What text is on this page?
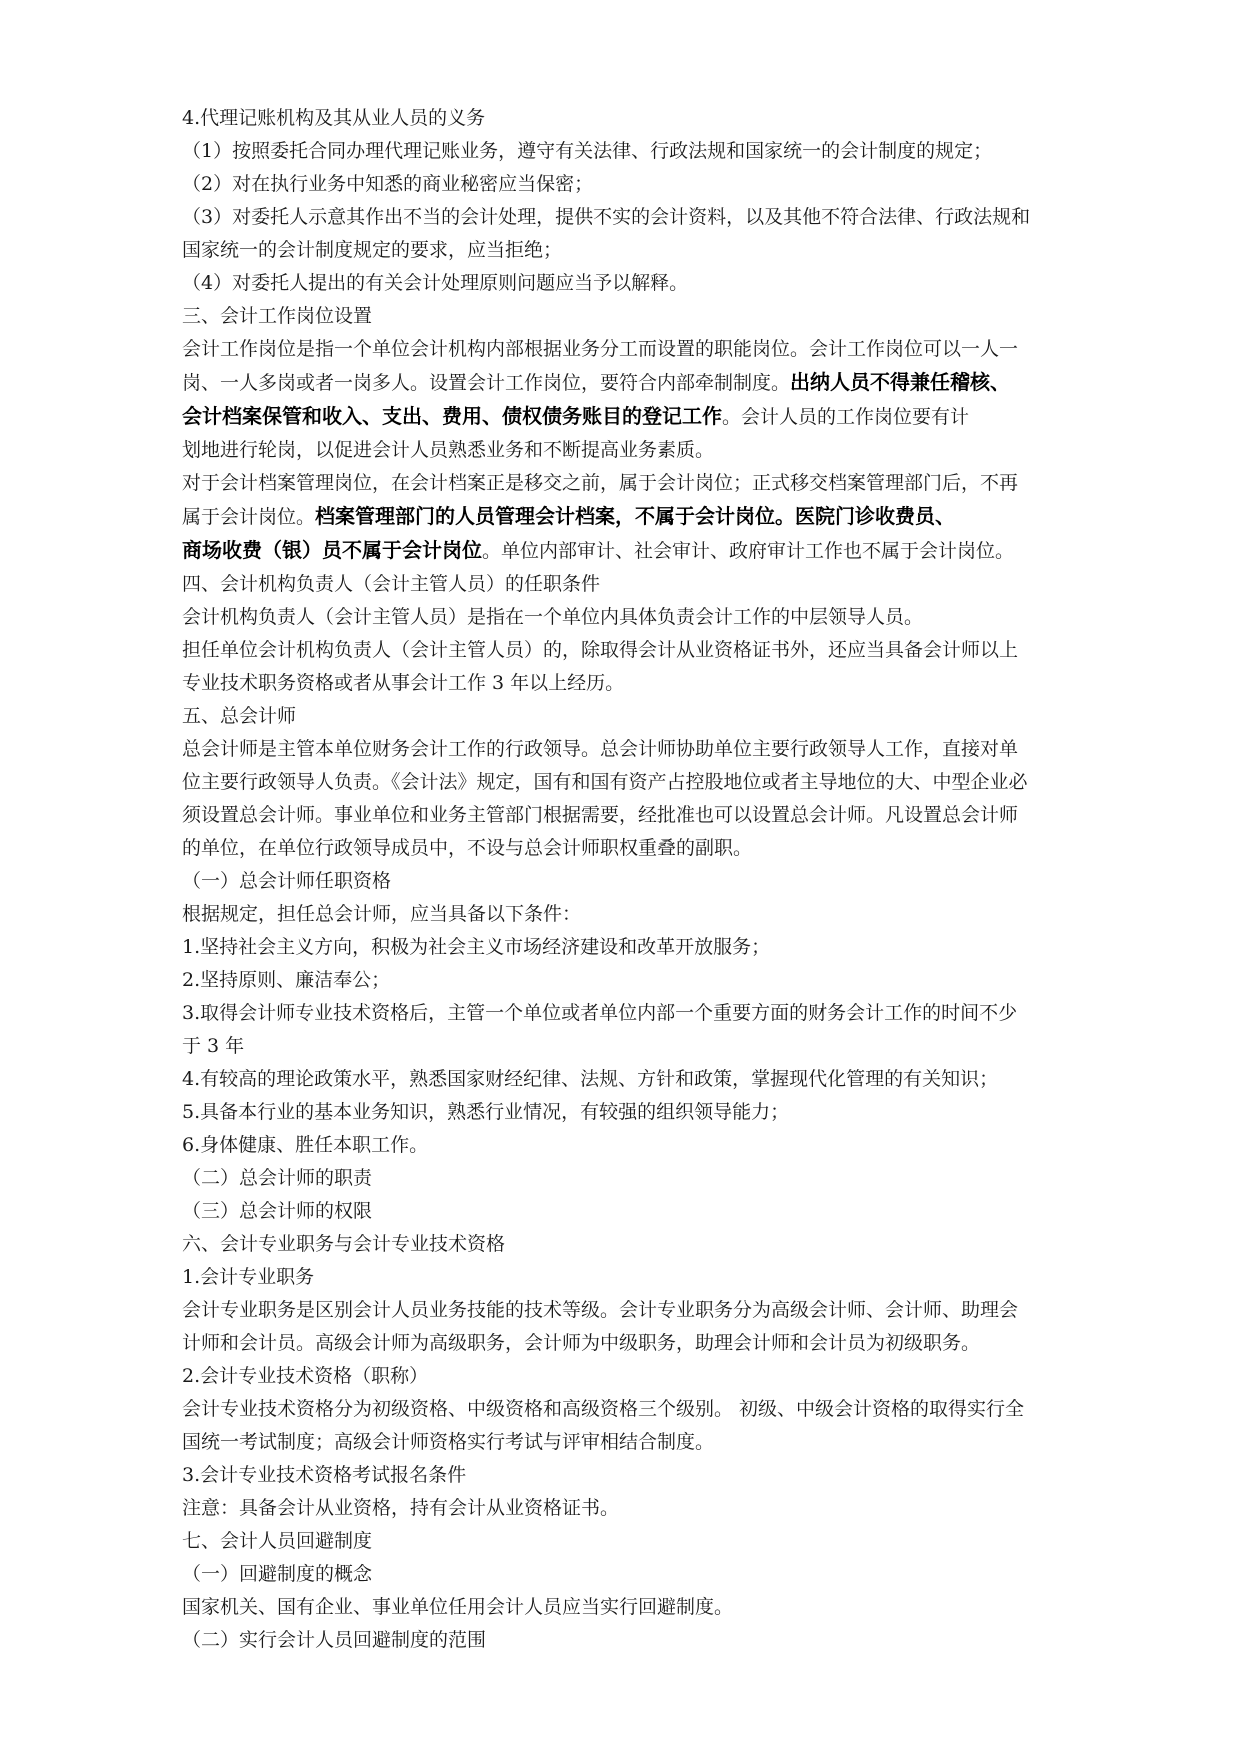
4.代理记账机构及其从业人员的义务

（1）按照委托合同办理代理记账业务，遵守有关法律、行政法规和国家统一的会计制度的规定；

（2）对在执行业务中知悉的商业秘密应当保密；

（3）对委托人示意其作出不当的会计处理，提供不实的会计资料，以及其他不符合法律、行政法规和

国家统一的会计制度规定的要求，应当拒绝；

（4）对委托人提出的有关会计处理原则问题应当予以解释。

三、会计工作岗位设置

会计工作岗位是指一个单位会计机构内部根据业务分工而设置的职能岗位。会计工作岗位可以一人一

岗、一人多岗或者一岗多人。设置会计工作岗位，要符合内部牵制制度。出纳人员不得兼任稽核、

会计档案保管和收入、支出、费用、债权债务账目的登记工作。会计人员的工作岗位要有计

划地进行轮岗，以促进会计人员熟悉业务和不断提高业务素质。

对于会计档案管理岗位，在会计档案正是移交之前，属于会计岗位；正式移交档案管理部门后，不再

属于会计岗位。档案管理部门的人员管理会计档案，不属于会计岗位。医院门诊收费员、

商场收费（银）员不属于会计岗位。单位内部审计、社会审计、政府审计工作也不属于会计岗位。

四、会计机构负责人（会计主管人员）的任职条件

会计机构负责人（会计主管人员）是指在一个单位内具体负责会计工作的中层领导人员。

担任单位会计机构负责人（会计主管人员）的，除取得会计从业资格证书外，还应当具备会计师以上

专业技术职务资格或者从事会计工作 3 年以上经历。

五、总会计师

总会计师是主管本单位财务会计工作的行政领导。总会计师协助单位主要行政领导人工作，直接对单

位主要行政领导人负责。《会计法》规定，国有和国有资产占控股地位或者主导地位的大、中型企业必

须设置总会计师。事业单位和业务主管部门根据需要，经批准也可以设置总会计师。凡设置总会计师

的单位，在单位行政领导成员中，不设与总会计师职权重叠的副职。

（一）总会计师任职资格

根据规定，担任总会计师，应当具备以下条件：

1.坚持社会主义方向，积极为社会主义市场经济建设和改革开放服务；

2.坚持原则、廉洁奉公；

3.取得会计师专业技术资格后，主管一个单位或者单位内部一个重要方面的财务会计工作的时间不少

于 3 年

4.有较高的理论政策水平，熟悉国家财经纪律、法规、方针和政策，掌握现代化管理的有关知识；

5.具备本行业的基本业务知识，熟悉行业情况，有较强的组织领导能力；

6.身体健康、胜任本职工作。

（二）总会计师的职责

（三）总会计师的权限

六、会计专业职务与会计专业技术资格

1.会计专业职务

会计专业职务是区别会计人员业务技能的技术等级。会计专业职务分为高级会计师、会计师、助理会

计师和会计员。高级会计师为高级职务，会计师为中级职务，助理会计师和会计员为初级职务。

2.会计专业技术资格（职称）

会计专业技术资格分为初级资格、中级资格和高级资格三个级别。 初级、中级会计资格的取得实行全

国统一考试制度；高级会计师资格实行考试与评审相结合制度。

3.会计专业技术资格考试报名条件

注意：具备会计从业资格，持有会计从业资格证书。

七、会计人员回避制度

（一）回避制度的概念

国家机关、国有企业、事业单位任用会计人员应当实行回避制度。

（二）实行会计人员回避制度的范围
